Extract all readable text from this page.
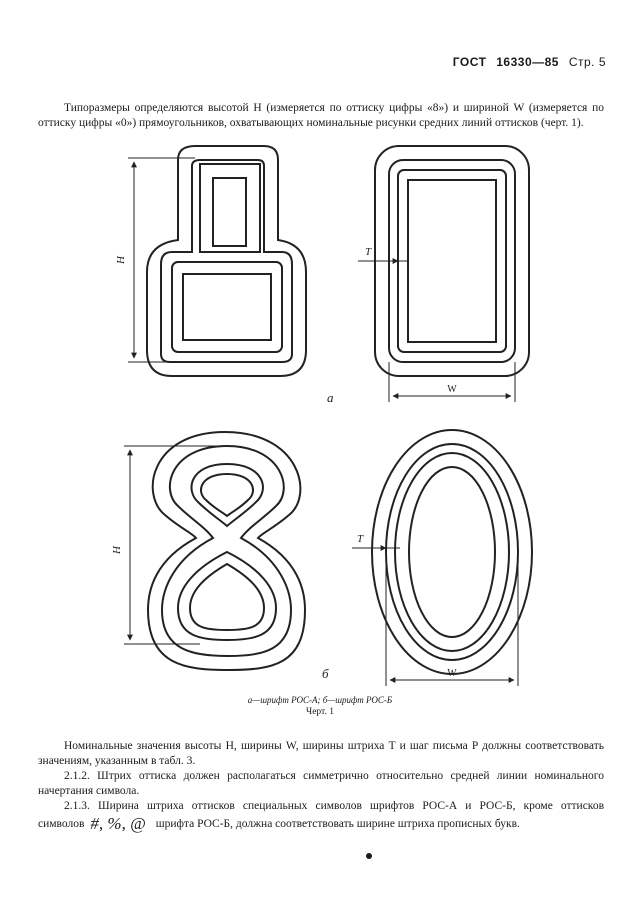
ГОСТ 16330—85 Стр. 5

Типоразмеры определяются высотой H (измеряется по оттиску цифры «8») и шириной W (измеряется по оттиску цифры «0») прямоугольников, охватывающих номинальные рисунки средних линий оттисков (черт. 1).

H
T
W
а
H
T
W
б
а—шрифт РОС-А; б—шрифт РОС-Б
Черт. 1

Номинальные значения высоты H, ширины W, ширины штриха T и шаг письма P должны соответствовать значениям, указанным в табл. 3.

2.1.2. Штрих оттиска должен располагаться симметрично относительно средней линии номинального начертания символа.

2.1.3. Ширина штриха оттисков специальных символов шрифтов РОС-А и РОС-Б, кроме оттисков символов #, %, @ шрифта РОС-Б, должна соответствовать ширине штриха прописных букв.
